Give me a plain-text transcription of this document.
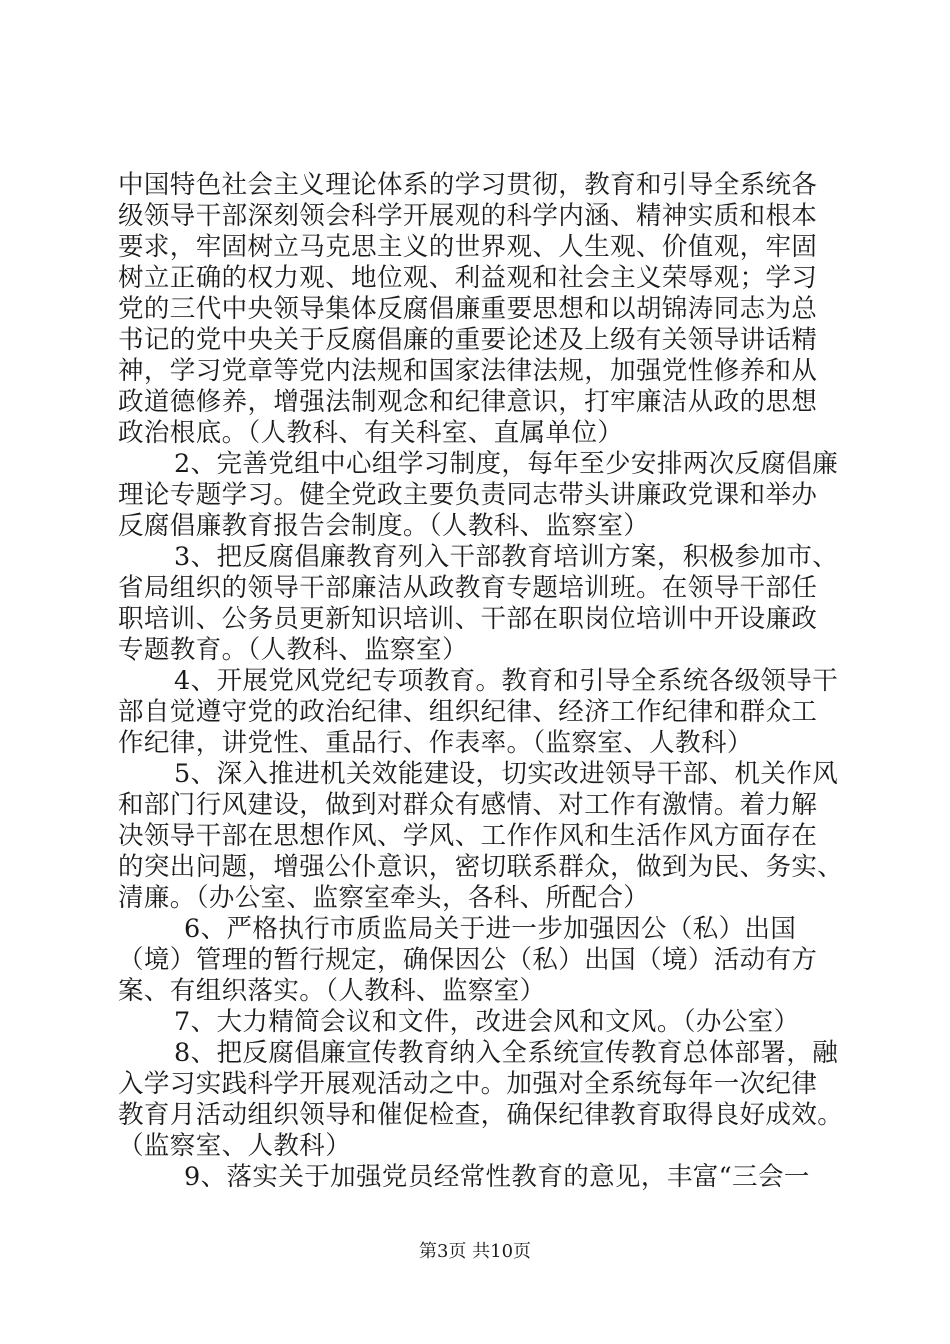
中国特色社会主义理论体系的学习贯彻，教育和引导全系统各
级领导干部深刻领会科学开展观的科学内涵、精神实质和根本
要求，牢固树立马克思主义的世界观、人生观、价值观，牢固
树立正确的权力观、地位观、利益观和社会主义荣辱观；学习
党的三代中央领导集体反腐倡廉重要思想和以胡锦涛同志为总
书记的党中央关于反腐倡廉的重要论述及上级有关领导讲话精
神，学习党章等党内法规和国家法律法规，加强党性修养和从
政道德修养，增强法制观念和纪律意识，打牢廉洁从政的思想
政治根底。（人教科、有关科室、直属单位）
2、完善党组中心组学习制度，每年至少安排两次反腐倡廉
理论专题学习。健全党政主要负责同志带头讲廉政党课和举办
反腐倡廉教育报告会制度。（人教科、监察室）
3、把反腐倡廉教育列入干部教育培训方案，积极参加市、
省局组织的领导干部廉洁从政教育专题培训班。在领导干部任
职培训、公务员更新知识培训、干部在职岗位培训中开设廉政
专题教育。（人教科、监察室）
4、开展党风党纪专项教育。教育和引导全系统各级领导干
部自觉遵守党的政治纪律、组织纪律、经济工作纪律和群众工
作纪律，讲党性、重品行、作表率。（监察室、人教科）
5、深入推进机关效能建设，切实改进领导干部、机关作风
和部门行风建设，做到对群众有感情、对工作有激情。着力解
决领导干部在思想作风、学风、工作作风和生活作风方面存在
的突出问题，增强公仆意识，密切联系群众，做到为民、务实、
清廉。（办公室、监察室牵头，各科、所配合）
6、严格执行市质监局关于进一步加强因公（私）出国
（境）管理的暂行规定，确保因公（私）出国（境）活动有方
案、有组织落实。（人教科、监察室）
7、大力精简会议和文件，改进会风和文风。（办公室）
8、把反腐倡廉宣传教育纳入全系统宣传教育总体部署，融
入学习实践科学开展观活动之中。加强对全系统每年一次纪律
教育月活动组织领导和催促检查，确保纪律教育取得良好成效。
（监察室、人教科）
9、落实关于加强党员经常性教育的意见，丰富“三会一
第3页 共10页
